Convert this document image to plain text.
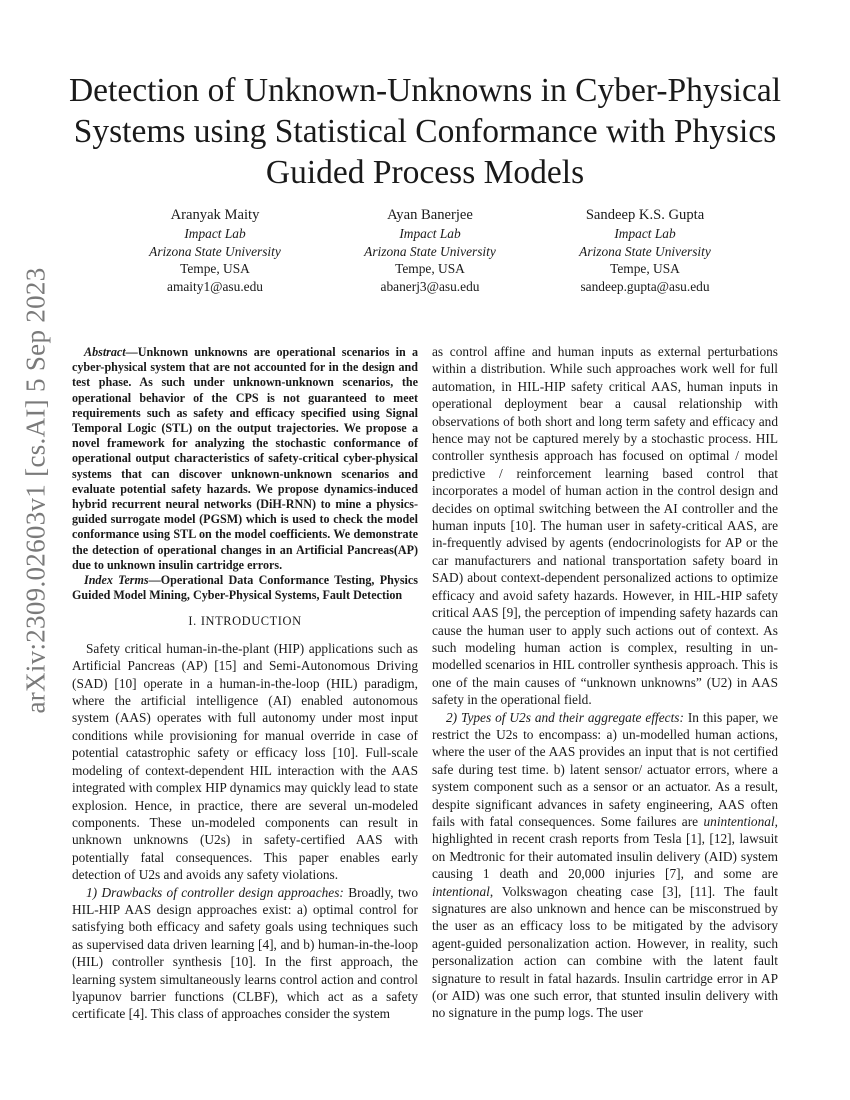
arXiv:2309.02603v1 [cs.AI] 5 Sep 2023
Detection of Unknown-Unknowns in Cyber-Physical Systems using Statistical Conformance with Physics Guided Process Models
Aranyak Maity
Impact Lab
Arizona State University
Tempe, USA
amaity1@asu.edu
Ayan Banerjee
Impact Lab
Arizona State University
Tempe, USA
abanerj3@asu.edu
Sandeep K.S. Gupta
Impact Lab
Arizona State University
Tempe, USA
sandeep.gupta@asu.edu

Abstract—Unknown unknowns are operational scenarios in a cyber-physical system that are not accounted for in the design and test phase. As such under unknown-unknown scenarios, the operational behavior of the CPS is not guaranteed to meet requirements such as safety and efficacy specified using Signal Temporal Logic (STL) on the output trajectories. We propose a novel framework for analyzing the stochastic conformance of operational output characteristics of safety-critical cyber-physical systems that can discover unknown-unknown scenarios and evaluate potential safety hazards. We propose dynamics-induced hybrid recurrent neural networks (DiH-RNN) to mine a physics-guided surrogate model (PGSM) which is used to check the model conformance using STL on the model coefficients. We demonstrate the detection of operational changes in an Artificial Pancreas(AP) due to unknown insulin cartridge errors.

Index Terms—Operational Data Conformance Testing, Physics Guided Model Mining, Cyber-Physical Systems, Fault Detection

I. INTRODUCTION

Safety critical human-in-the-plant (HIP) applications such as Artificial Pancreas (AP) [15] and Semi-Autonomous Driving (SAD) [10] operate in a human-in-the-loop (HIL) paradigm, where the artificial intelligence (AI) enabled autonomous system (AAS) operates with full autonomy under most input conditions while provisioning for manual override in case of potential catastrophic safety or efficacy loss [10]. Full-scale modeling of context-dependent HIL interaction with the AAS integrated with complex HIP dynamics may quickly lead to state explosion. Hence, in practice, there are several un-modeled components. These un-modeled components can result in unknown unknowns (U2s) in safety-certified AAS with potentially fatal consequences. This paper enables early detection of U2s and avoids any safety violations.

1) Drawbacks of controller design approaches: Broadly, two HIL-HIP AAS design approaches exist: a) optimal control for satisfying both efficacy and safety goals using techniques such as supervised data driven learning [4], and b) human-in-the-loop (HIL) controller synthesis [10]. In the first approach, the learning system simultaneously learns control action and control lyapunov barrier functions (CLBF), which act as a safety certificate [4]. This class of approaches consider the system

as control affine and human inputs as external perturbations within a distribution. While such approaches work well for full automation, in HIL-HIP safety critical AAS, human inputs in operational deployment bear a causal relationship with observations of both short and long term safety and efficacy and hence may not be captured merely by a stochastic process. HIL controller synthesis approach has focused on optimal / model predictive / reinforcement learning based control that incorporates a model of human action in the control design and decides on optimal switching between the AI controller and the human inputs [10]. The human user in safety-critical AAS, are in-frequently advised by agents (endocrinologists for AP or the car manufacturers and national transportation safety board in SAD) about context-dependent personalized actions to optimize efficacy and avoid safety hazards. However, in HIL-HIP safety critical AAS [9], the perception of impending safety hazards can cause the human user to apply such actions out of context. As such modeling human action is complex, resulting in un-modelled scenarios in HIL controller synthesis approach. This is one of the main causes of “unknown unknowns” (U2) in AAS safety in the operational field.

2) Types of U2s and their aggregate effects: In this paper, we restrict the U2s to encompass: a) un-modelled human actions, where the user of the AAS provides an input that is not certified safe during test time. b) latent sensor/ actuator errors, where a system component such as a sensor or an actuator. As a result, despite significant advances in safety engineering, AAS often fails with fatal consequences. Some failures are unintentional, highlighted in recent crash reports from Tesla [1], [12], lawsuit on Medtronic for their automated insulin delivery (AID) system causing 1 death and 20,000 injuries [7], and some are intentional, Volkswagon cheating case [3], [11]. The fault signatures are also unknown and hence can be misconstrued by the user as an efficacy loss to be mitigated by the advisory agent-guided personalization action. However, in reality, such personalization action can combine with the latent fault signature to result in fatal hazards. Insulin cartridge error in AP (or AID) was one such error, that stunted insulin delivery with no signature in the pump logs. The user
